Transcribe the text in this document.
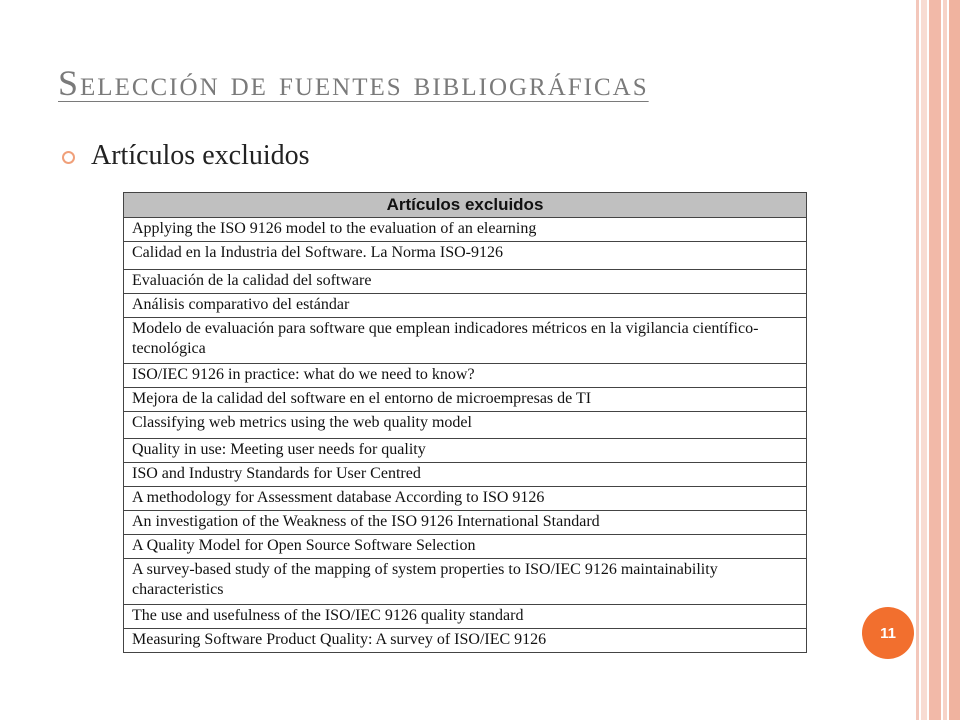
Selección de fuentes bibliográficas
Artículos excluidos
Artículos excluidos
Applying the ISO 9126 model to the evaluation of an elearning
Calidad en la Industria del Software. La Norma ISO-9126
Evaluación de la calidad del software
Análisis comparativo del estándar
Modelo de evaluación para software que emplean indicadores métricos en la vigilancia científico-tecnológica
ISO/IEC 9126 in practice: what do we need to know?
Mejora de la calidad del software en el entorno de microempresas de TI
Classifying web metrics using the web quality model
Quality in use: Meeting user needs for quality
ISO and Industry Standards for User Centred
A methodology for Assessment database According to ISO 9126
An investigation of the Weakness of the ISO 9126 International Standard
A Quality Model for Open Source Software Selection
A survey-based study of the mapping of system properties to ISO/IEC 9126 maintainability characteristics
The use and usefulness of the ISO/IEC 9126 quality standard
Measuring Software Product Quality: A survey of ISO/IEC 9126	11
